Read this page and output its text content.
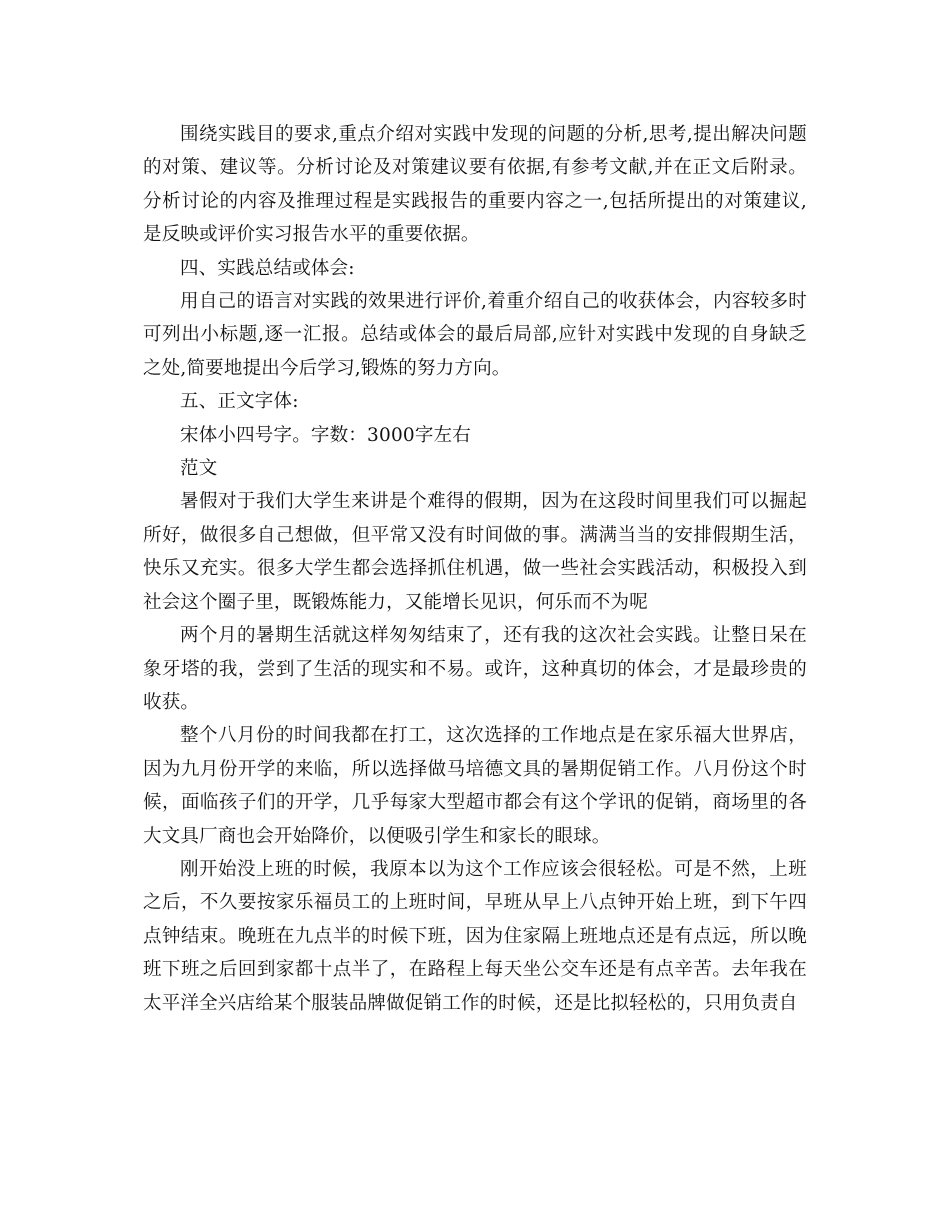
围绕实践目的要求,重点介绍对实践中发现的问题的分析,思考,提出解决问题的对策、建议等。分析讨论及对策建议要有依据,有参考文献,并在正文后附录。分析讨论的内容及推理过程是实践报告的重要内容之一,包括所提出的对策建议,是反映或评价实习报告水平的重要依据。

四、实践总结或体会:

用自己的语言对实践的效果进行评价,着重介绍自己的收获体会，内容较多时可列出小标题,逐一汇报。总结或体会的最后局部,应针对实践中发现的自身缺乏之处,简要地提出今后学习,锻炼的努力方向。

五、正文字体:

宋体小四号字。字数：3000字左右

范文

暑假对于我们大学生来讲是个难得的假期，因为在这段时间里我们可以掘起所好，做很多自己想做，但平常又没有时间做的事。满满当当的安排假期生活，快乐又充实。很多大学生都会选择抓住机遇，做一些社会实践活动，积极投入到社会这个圈子里，既锻炼能力，又能增长见识，何乐而不为呢

两个月的暑期生活就这样匆匆结束了，还有我的这次社会实践。让整日呆在象牙塔的我，尝到了生活的现实和不易。或许，这种真切的体会，才是最珍贵的收获。

整个八月份的时间我都在打工，这次选择的工作地点是在家乐福大世界店，因为九月份开学的来临，所以选择做马培德文具的暑期促销工作。八月份这个时候，面临孩子们的开学，几乎每家大型超市都会有这个学讯的促销，商场里的各大文具厂商也会开始降价，以便吸引学生和家长的眼球。

刚开始没上班的时候，我原本以为这个工作应该会很轻松。可是不然，上班之后，不久要按家乐福员工的上班时间，早班从早上八点钟开始上班，到下午四点钟结束。晚班在九点半的时候下班，因为住家隔上班地点还是有点远，所以晚班下班之后回到家都十点半了，在路程上每天坐公交车还是有点辛苦。去年我在太平洋全兴店给某个服装品牌做促销工作的时候，还是比拟轻松的，只用负责自
